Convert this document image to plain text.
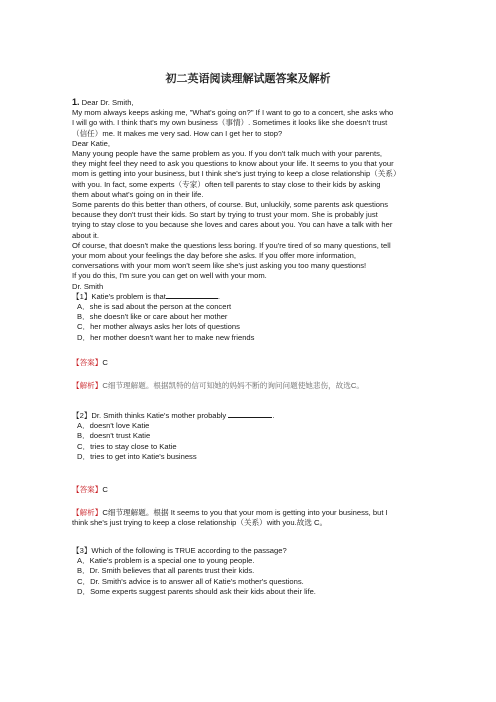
初二英语阅读理解试题答案及解析
1. Dear Dr. Smith,
My mom always keeps asking me, "What's going on?" If I want to go to a concert, she asks who
I will go with. I think that's my own business（事情）. Sometimes it looks like she doesn't trust
（信任）me. It makes me very sad. How can I get her to stop?
Dear Katie,
Many young people have the same problem as you. If you don't talk much with your parents,
they might feel they need to ask you questions to know about your life. It seems to you that your
mom is getting into your business, but I think she's just trying to keep a close relationship（关系）
with you. In fact, some experts（专家）often tell parents to stay close to their kids by asking
them about what's going on in their life.
Some parents do this better than others, of course. But, unluckily, some parents ask questions
because they don't trust their kids. So start by trying to trust your mom. She is probably just
trying to stay close to you because she loves and cares about you. You can have a talk with her
about it.
Of course, that doesn't make the questions less boring. If you're tired of so many questions, tell
your mom about your feelings the day before she asks. If you offer more information,
conversations with your mom won't seem like she's just asking you too many questions!
If you do this, I'm sure you can get on well with your mom.
Dr. Smith
【1】Katie's problem is that	.
A．she is sad about the person at the concert
B．she doesn't like or care about her mother
C．her mother always asks her lots of questions
D．her mother doesn't want her to make new friends
【答案】C
【解析】C细节理解题。根据凯特的信可知她的妈妈不断的询问问题使她悲伤，故选C。
【2】Dr. Smith thinks Katie's mother probably	.
A．doesn't love Katie
B．doesn't trust Katie
C．tries to stay close to Katie
D．tries to get into Katie's business
【答案】C
【解析】C细节理解题。根据 It seems to you that your mom is getting into your business, but I
think she's just trying to keep a close relationship（关系）with you.故选 C。
【3】Which of the following is TRUE according to the passage?
A．Katie's problem is a special one to young people.
B．Dr. Smith believes that all parents trust their kids.
C．Dr. Smith's advice is to answer all of Katie's mother's questions.
D．Some experts suggest parents should ask their kids about their life.
